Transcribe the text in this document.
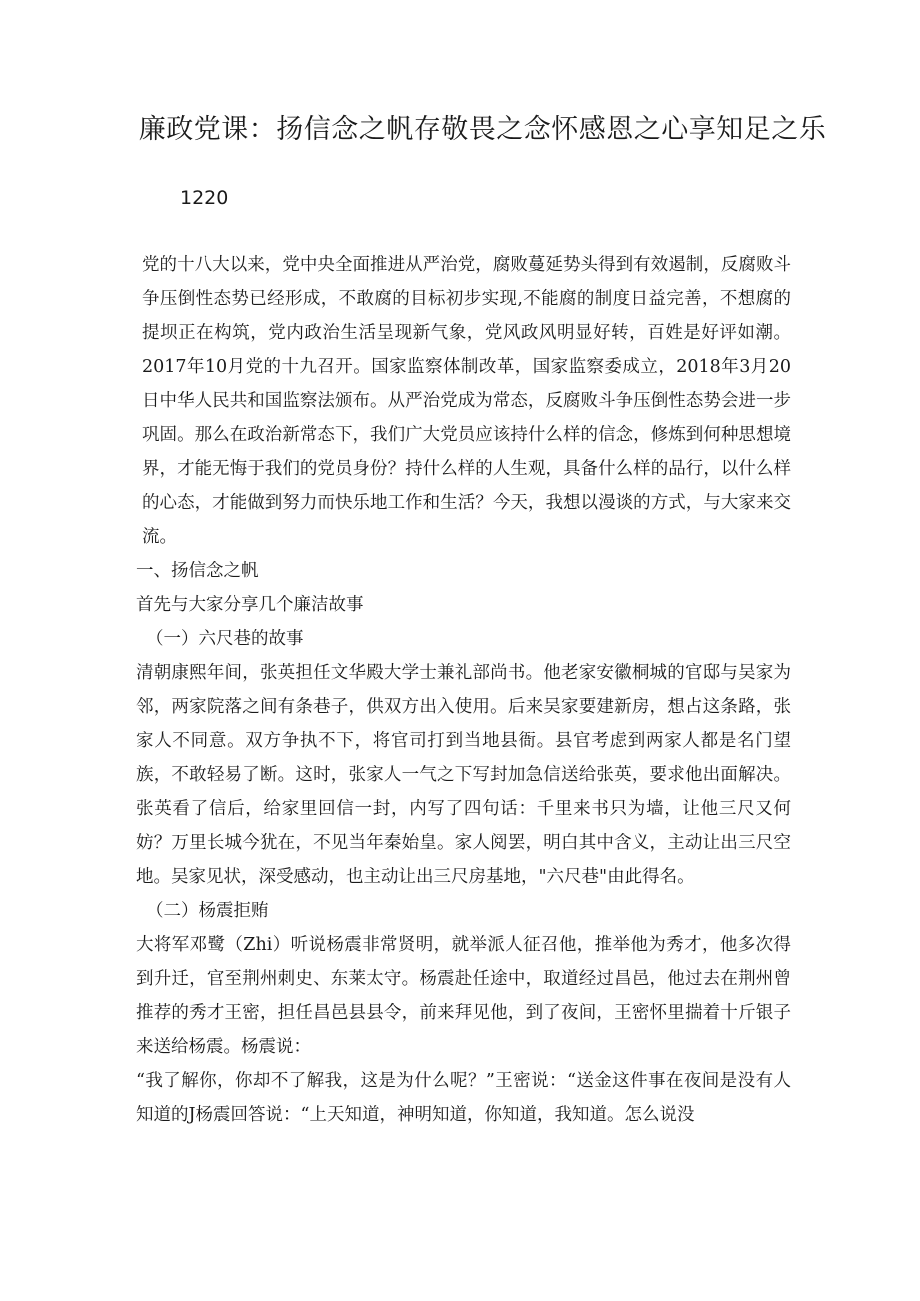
廉政党课：扬信念之帆存敬畏之念怀感恩之心享知足之乐

1220

党的十八大以来，党中央全面推进从严治党，腐败蔓延势头得到有效遏制，反腐败斗争压倒性态势已经形成，不敢腐的目标初步实现,不能腐的制度日益完善，不想腐的提坝正在构筑，党内政治生活呈现新气象，党风政风明显好转，百姓是好评如潮。2017年10月党的十九召开。国家监察体制改革，国家监察委成立，2018年3月20日中华人民共和国监察法颁布。从严治党成为常态，反腐败斗争压倒性态势会进一步巩固。那么在政治新常态下，我们广大党员应该持什么样的信念，修炼到何种思想境界，才能无悔于我们的党员身份？持什么样的人生观，具备什么样的品行，以什么样的心态，才能做到努力而快乐地工作和生活？今天，我想以漫谈的方式，与大家来交流。

一、扬信念之帆

首先与大家分享几个廉洁故事

（一）六尺巷的故事

清朝康熙年间，张英担任文华殿大学士兼礼部尚书。他老家安徽桐城的官邸与吴家为邻，两家院落之间有条巷子，供双方出入使用。后来吴家要建新房，想占这条路，张家人不同意。双方争执不下，将官司打到当地县衙。县官考虑到两家人都是名门望族，不敢轻易了断。这时，张家人一气之下写封加急信送给张英，要求他出面解决。张英看了信后，给家里回信一封，内写了四句话：千里来书只为墙，让他三尺又何妨？万里长城今犹在，不见当年秦始皇。家人阅罢，明白其中含义，主动让出三尺空地。吴家见状，深受感动，也主动让出三尺房基地，"六尺巷"由此得名。

（二）杨震拒贿

大将军邓鹭（Zhi）听说杨震非常贤明，就举派人征召他，推举他为秀才，他多次得到升迁，官至荆州刺史、东莱太守。杨震赴任途中，取道经过昌邑，他过去在荆州曾推荐的秀才王密，担任昌邑县县令，前来拜见他，到了夜间，王密怀里揣着十斤银子来送给杨震。杨震说：

“我了解你，你却不了解我，这是为什么呢？”王密说：“送金这件事在夜间是没有人知道的J杨震回答说：“上天知道，神明知道，你知道，我知道。怎么说没
